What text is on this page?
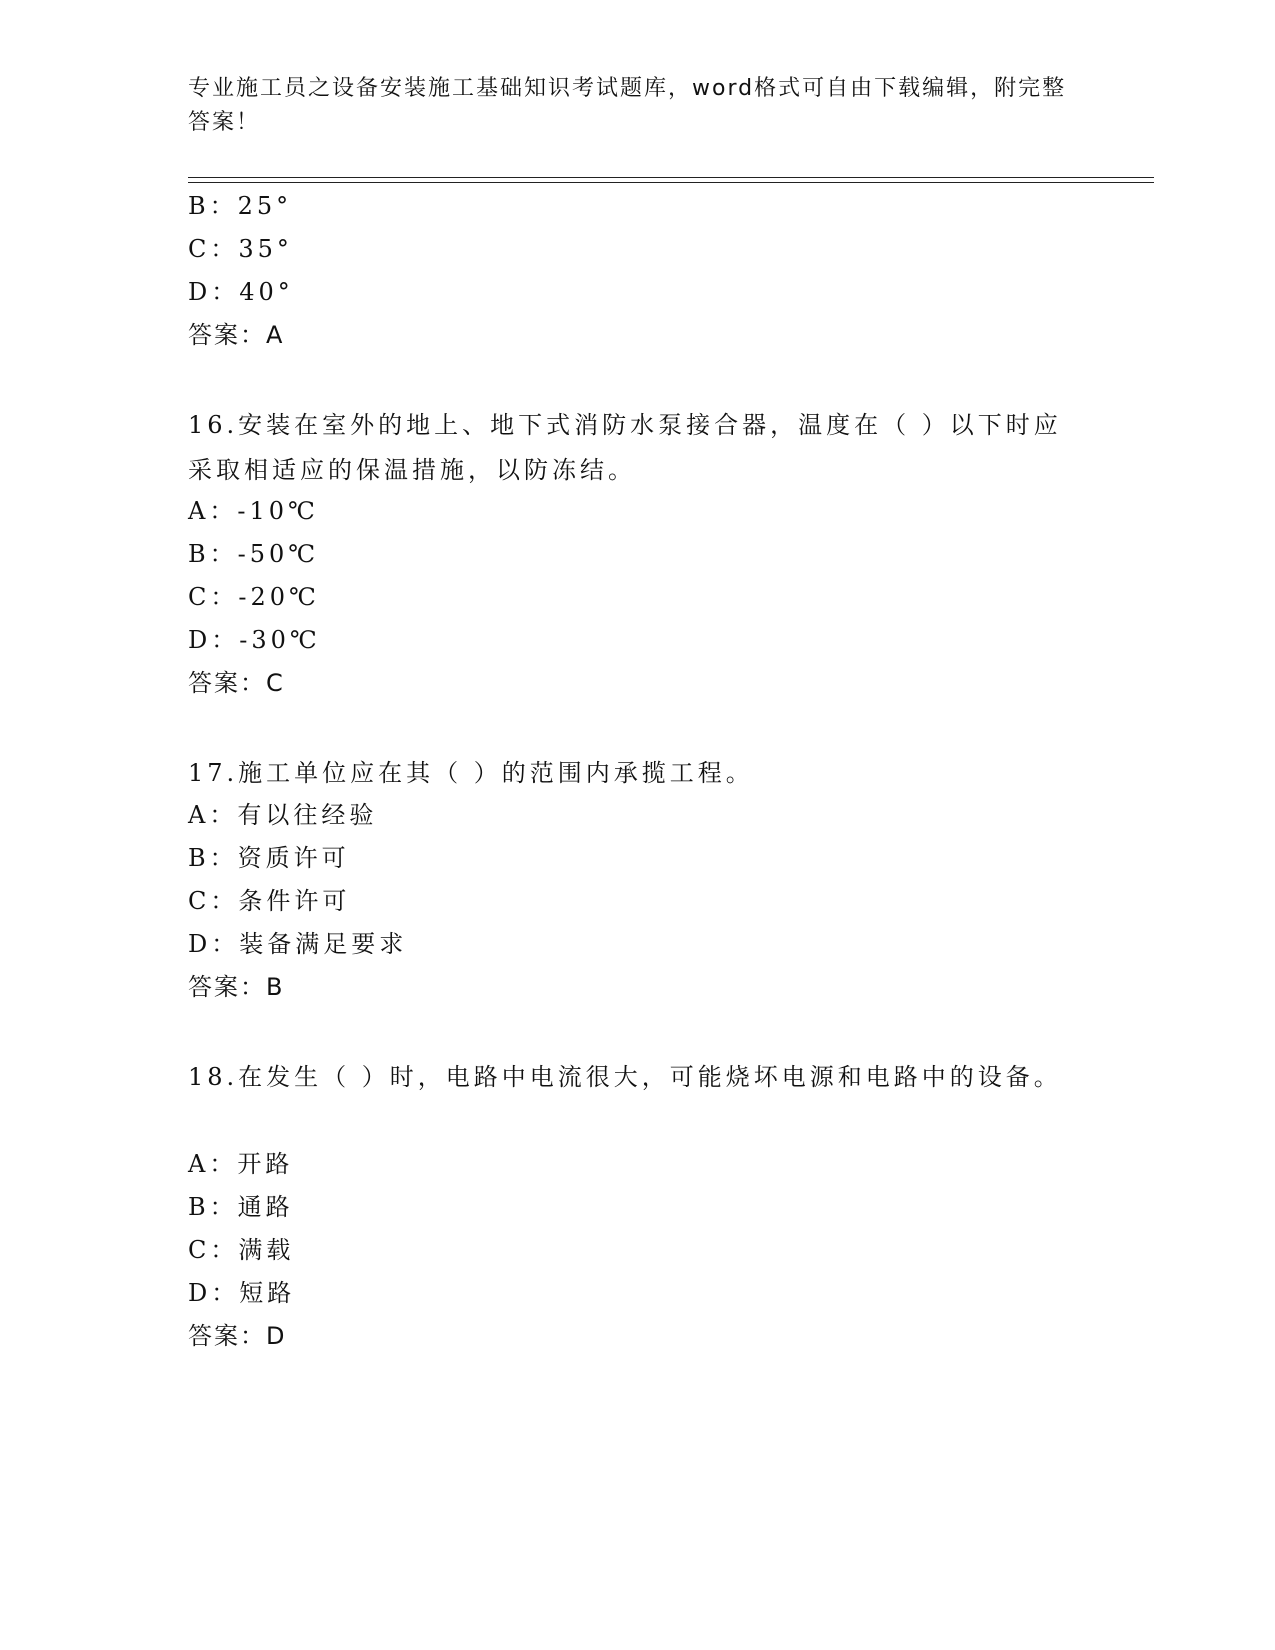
专业施工员之设备安装施工基础知识考试题库，word格式可自由下载编辑，附完整答案！
B：25°
C：35°
D：40°
答案：A
16.安装在室外的地上、地下式消防水泵接合器，温度在（ ）以下时应采取相适应的保温措施，以防冻结。
A：-10℃
B：-50℃
C：-20℃
D：-30℃
答案：C
17.施工单位应在其（ ）的范围内承揽工程。
A：有以往经验
B：资质许可
C：条件许可
D：装备满足要求
答案：B
18.在发生（ ）时，电路中电流很大，可能烧坏电源和电路中的设备。
A：开路
B：通路
C：满载
D：短路
答案：D
